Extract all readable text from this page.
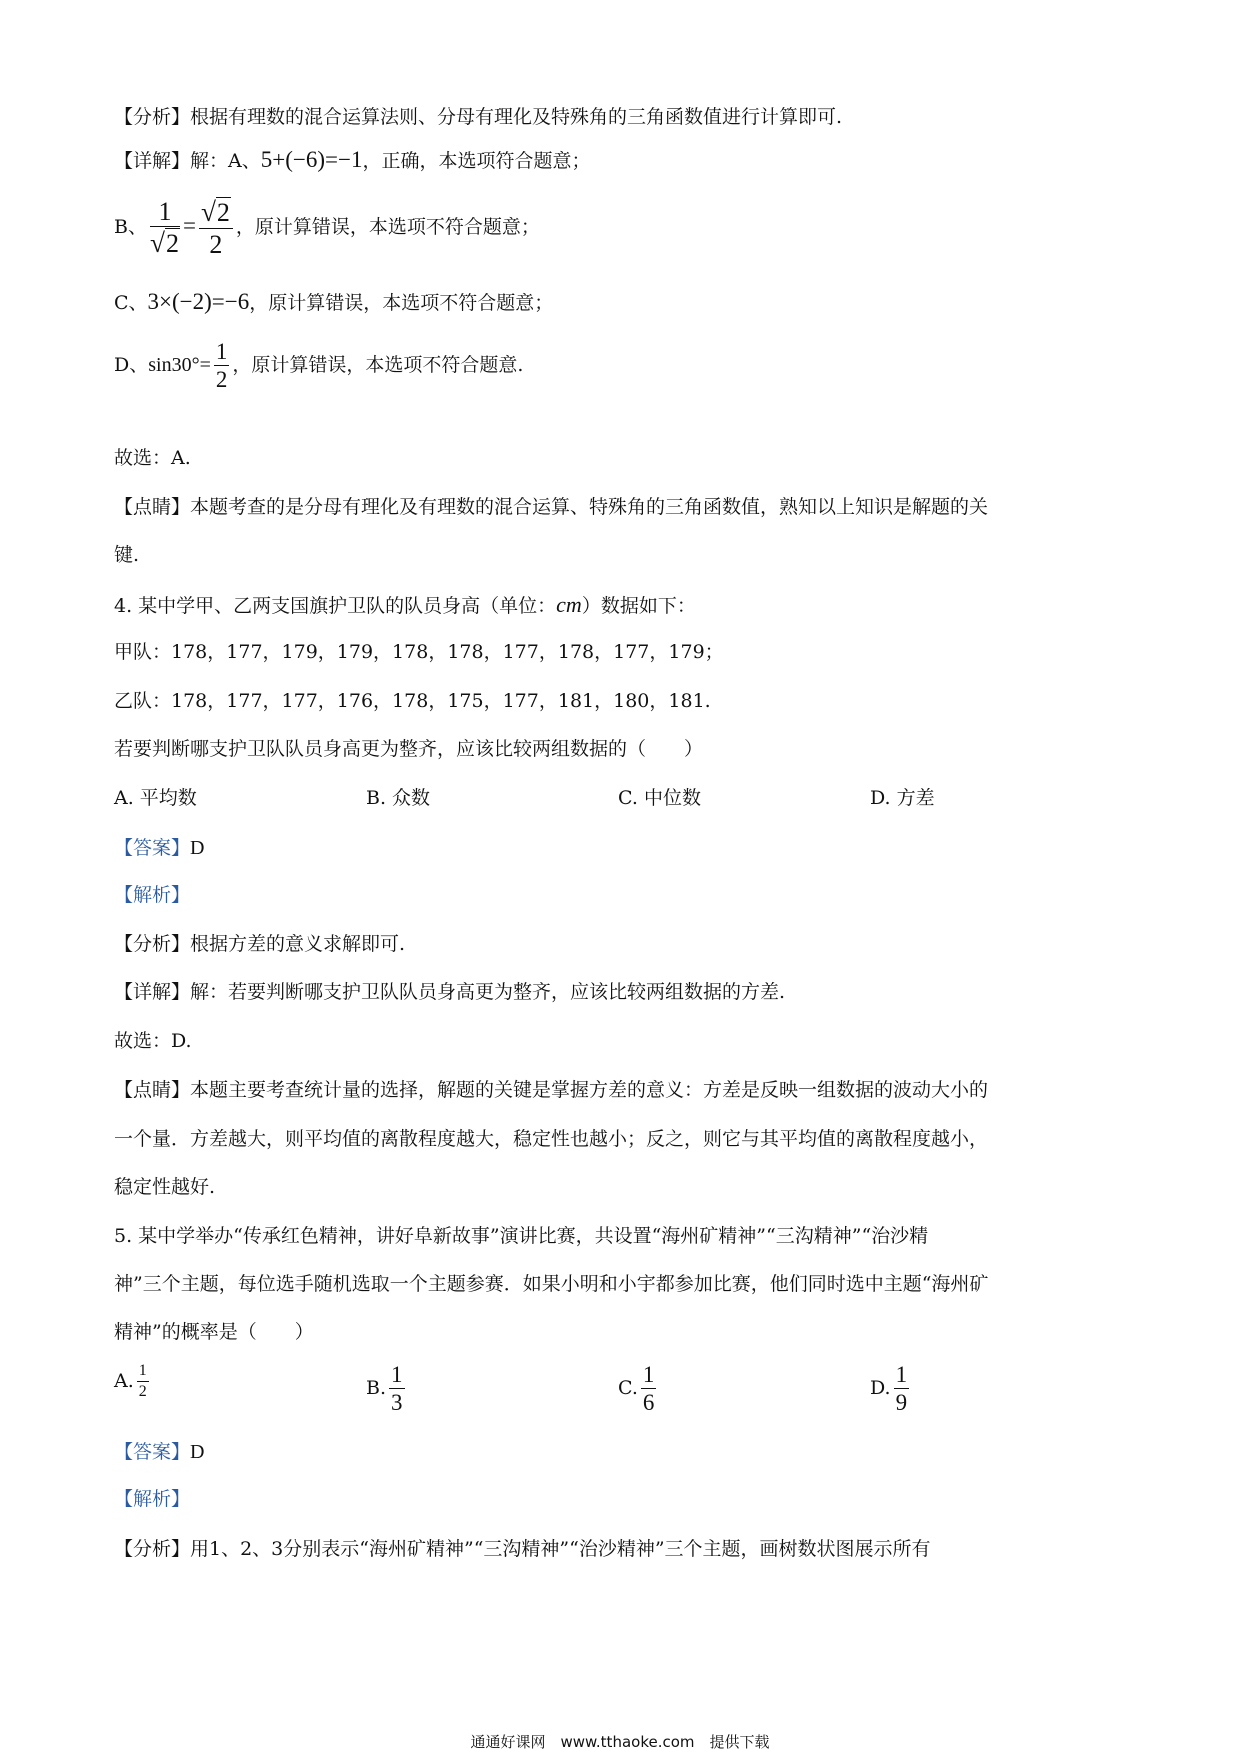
【分析】根据有理数的混合运算法则、分母有理化及特殊角的三角函数值进行计算即可.
【详解】解：A、5+(−6)=−1，正确，本选项符合题意；
B、 $\frac{1}{√2} = \frac{√2}{2}$ ，原计算错误，本选项不符合题意；
C、3×(−2)=−6，原计算错误，本选项不符合题意；
D、$\sin 30^\circ= \frac{1}{2}$ ，原计算错误，本选项不符合题意.
故选：A.
【点睛】本题考查的是分母有理化及有理数的混合运算、特殊角的三角函数值，熟知以上知识是解题的关
键.
4. 某中学甲、乙两支国旗护卫队的队员身高（单位：cm）数据如下：
甲队：178，177，179，179，178，178，177，178，177，179；
乙队：178，177，177，176，178，175，177，181，180，181.
若要判断哪支护卫队队员身高更为整齐，应该比较两组数据的（　　）
A. 平均数	B. 众数	C. 中位数	D. 方差
【答案】D
【解析】
【分析】根据方差的意义求解即可.
【详解】解：若要判断哪支护卫队队员身高更为整齐，应该比较两组数据的方差.
故选：D.
【点睛】本题主要考查统计量的选择，解题的关键是掌握方差的意义：方差是反映一组数据的波动大小的
一个量．方差越大，则平均值的离散程度越大，稳定性也越小；反之，则它与其平均值的离散程度越小，
稳定性越好.
5. 某中学举办“传承红色精神，讲好阜新故事”演讲比赛，共设置“海州矿精神”“三沟精神”“治沙精
神”三个主题，每位选手随机选取一个主题参赛．如果小明和小宇都参加比赛，他们同时选中主题“海州矿
精神”的概率是（　　）
A. $\frac{1}{2}$	B. $\frac{1}{3}$	C. $\frac{1}{6}$	D. $\frac{1}{9}$
【答案】D
【解析】
【分析】用1、2、3分别表示“海州矿精神”“三沟精神”“治沙精神”三个主题，画树数状图展示所有
通通好课网　www.tthaoke.com　提供下载
